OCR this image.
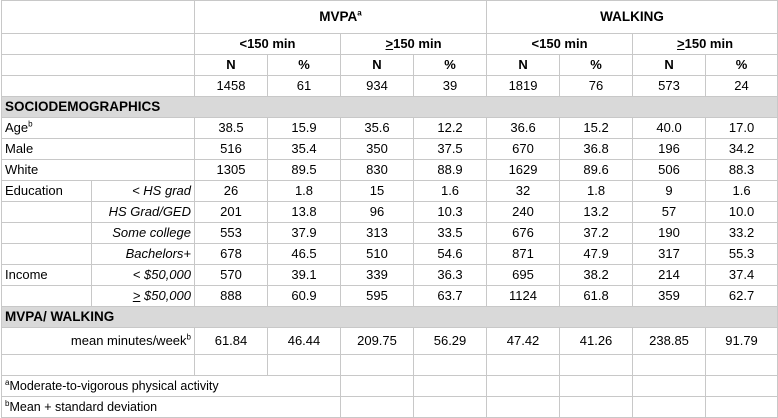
		MVPA$^a$				WALKING			
		<150 min		>150 min		<150 min		>150 min	
		N	%	N	%	N	%	N	%
		1458	61	934	39	1819	76	573	24
SOCIODEMOGRAPHICS									
Age$^b$		38.5	15.9	35.6	12.2	36.6	15.2	40.0	17.0
Male		516	35.4	350	37.5	670	36.8	196	34.2
White		1305	89.5	830	88.9	1629	89.6	506	88.3
Education	< HS grad	26	1.8	15	1.6	32	1.8	9	1.6
	HS Grad/GED	201	13.8	96	10.3	240	13.2	57	10.0
	Some college	553	37.9	313	33.5	676	37.2	190	33.2
	Bachelors+	678	46.5	510	54.6	871	47.9	317	55.3
Income	< $50,000	570	39.1	339	36.3	695	38.2	214	37.4
	> $50,000	888	60.9	595	63.7	1124	61.8	359	62.7
MVPA/ WALKING									
mean minutes/week$^b$		61.84	46.44	209.75	56.29	47.42	41.26	238.85	91.79

$^a$Moderate-to-vigorous physical activity									
$^b$Mean + standard deviation									
